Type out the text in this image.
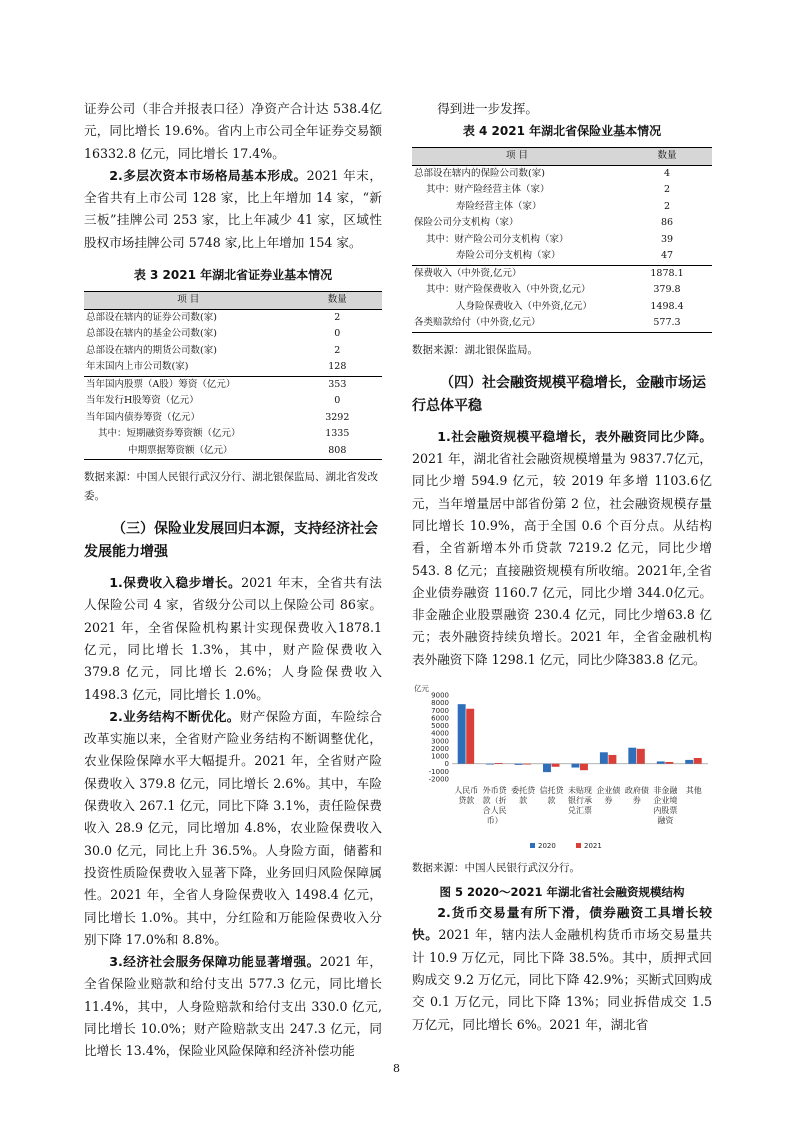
证券公司（非合并报表口径）净资产合计达 538.4亿元，同比增长 19.6%。省内上市公司全年证券交易额 16332.8 亿元，同比增长 17.4%。

2.多层次资本市场格局基本形成。2021 年末，全省共有上市公司 128 家，比上年增加 14 家，“新三板”挂牌公司 253 家，比上年减少 41 家，区域性股权市场挂牌公司 5748 家,比上年增加 154 家。

表 3 2021 年湖北省证券业基本情况
项 目	数量
总部设在辖内的证券公司数(家)	2
总部设在辖内的基金公司数(家)	0
总部设在辖内的期货公司数(家)	2
年末国内上市公司数(家)	128
当年国内股票（A股）筹资（亿元）	353
当年发行H股筹资（亿元）	0
当年国内债券筹资（亿元）	3292
其中：短期融资券筹资额（亿元）	1335
中期票据筹资额（亿元）	808

数据来源：中国人民银行武汉分行、湖北银保监局、湖北省发改委。

（三）保险业发展回归本源，支持经济社会发展能力增强

1.保费收入稳步增长。2021 年末，全省共有法人保险公司 4 家，省级分公司以上保险公司 86家。2021 年，全省保险机构累计实现保费收入1878.1 亿元，同比增长 1.3%，其中，财产险保费收入 379.8 亿元，同比增长 2.6%；人身险保费收入 1498.3 亿元，同比增长 1.0%。

2.业务结构不断优化。财产保险方面，车险综合改革实施以来，全省财产险业务结构不断调整优化，农业保险保障水平大幅提升。2021 年，全省财产险保费收入 379.8 亿元，同比增长 2.6%。其中，车险保费收入 267.1 亿元，同比下降 3.1%，责任险保费收入 28.9 亿元，同比增加 4.8%，农业险保费收入 30.0 亿元，同比上升 36.5%。人身险方面，储蓄和投资性质险保费收入显著下降，业务回归风险保障属性。2021 年，全省人身险保费收入 1498.4 亿元，同比增长 1.0%。其中，分红险和万能险保费收入分别下降 17.0%和 8.8%。

3.经济社会服务保障功能显著增强。2021 年，全省保险业赔款和给付支出 577.3 亿元，同比增长 11.4%，其中，人身险赔款和给付支出 330.0 亿元,同比增长 10.0%；财产险赔款支出 247.3 亿元，同比增长 13.4%，保险业风险保障和经济补偿功能

得到进一步发挥。

表 4 2021 年湖北省保险业基本情况
项 目	数量
总部设在辖内的保险公司数(家)	4
其中：财产险经营主体（家）	2
寿险经营主体（家）	2
保险公司分支机构（家）	86
其中：财产险公司分支机构（家）	39
寿险公司分支机构（家）	47
保费收入（中外资,亿元）	1878.1
其中：财产险保费收入（中外资,亿元）	379.8
人身险保费收入（中外资,亿元）	1498.4
各类赔款给付（中外资,亿元）	577.3

数据来源：湖北银保监局。

（四）社会融资规模平稳增长，金融市场运行总体平稳

1.社会融资规模平稳增长，表外融资同比少降。2021 年，湖北省社会融资规模增量为 9837.7亿元，同比少增 594.9 亿元，较 2019 年多增 1103.6亿元，当年增量居中部省份第 2 位，社会融资规模存量同比增长 10.9%，高于全国 0.6 个百分点。从结构看，全省新增本外币贷款 7219.2 亿元，同比少增 543. 8 亿元；直接融资规模有所收缩。2021年,全省企业债券融资 1160.7 亿元，同比少增 344.0亿元。非金融企业股票融资 230.4 亿元，同比少增63.8 亿元；表外融资持续负增长。2021 年，全省金融机构表外融资下降 1298.1 亿元，同比少降383.8 亿元。

亿元
-2000
-1000
0
1000
2000
3000
4000
5000
6000
7000
8000
9000
人民币
贷款
外币贷
款（折
合人民
币）
委托贷
款
信托贷
款
未贴现
银行承
兑汇票
企业债
券
政府债
券
非金融
企业境
内股票
融资
其他
2020	2021

数据来源：中国人民银行武汉分行。

图 5 2020～2021 年湖北省社会融资规模结构

2.货币交易量有所下滑，债券融资工具增长较快。2021 年，辖内法人金融机构货币市场交易量共计 10.9 万亿元，同比下降 38.5%。其中，质押式回购成交 9.2 万亿元，同比下降 42.9%；买断式回购成交 0.1 万亿元，同比下降 13%；同业拆借成交 1.5 万亿元，同比增长 6%。2021 年，湖北省

8
